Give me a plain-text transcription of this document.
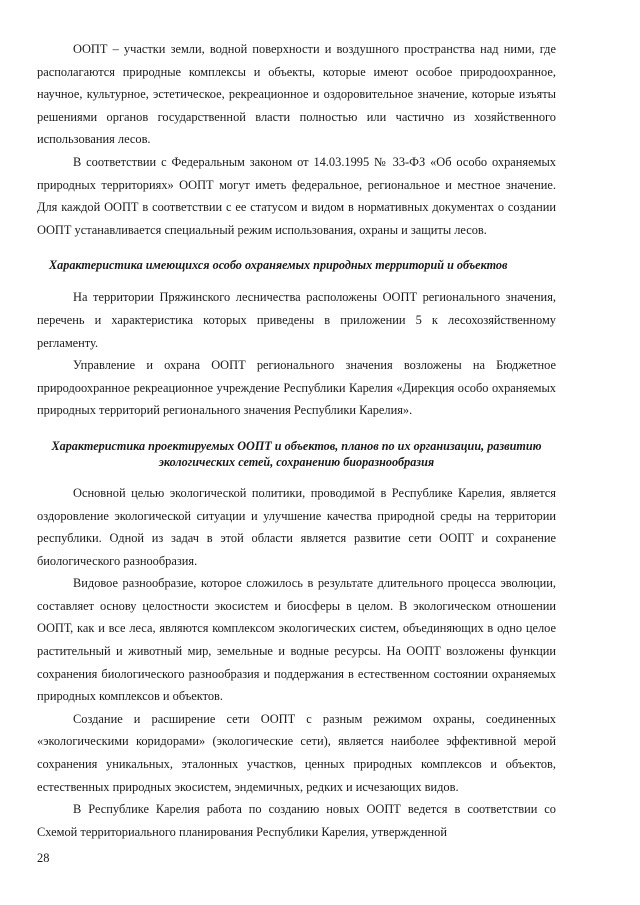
ООПТ – участки земли, водной поверхности и воздушного пространства над ними, где располагаются природные комплексы и объекты, которые имеют особое природоохранное, научное, культурное, эстетическое, рекреационное и оздоровительное значение, которые изъяты решениями органов государственной власти полностью или частично из хозяйственного использования лесов.

В соответствии с Федеральным законом от 14.03.1995 № 33-ФЗ «Об особо охраняемых природных территориях» ООПТ могут иметь федеральное, региональное и местное значение. Для каждой ООПТ в соответствии с ее статусом и видом в нормативных документах о создании ООПТ устанавливается специальный режим использования, охраны и защиты лесов.

Характеристика имеющихся особо охраняемых природных территорий и объектов

На территории Пряжинского лесничества расположены ООПТ регионального значения, перечень и характеристика которых приведены в приложении 5 к лесохозяйственному регламенту.

Управление и охрана ООПТ регионального значения возложены на Бюджетное природоохранное рекреационное учреждение Республики Карелия «Дирекция особо охраняемых природных территорий регионального значения Республики Карелия».

Характеристика проектируемых ООПТ и объектов, планов по их организации, развитию экологических сетей, сохранению биоразнообразия

Основной целью экологической политики, проводимой в Республике Карелия, является оздоровление экологической ситуации и улучшение качества природной среды на территории республики. Одной из задач в этой области является развитие сети ООПТ и сохранение биологического разнообразия.

Видовое разнообразие, которое сложилось в результате длительного процесса эволюции, составляет основу целостности экосистем и биосферы в целом. В экологическом отношении ООПТ, как и все леса, являются комплексом экологических систем, объединяющих в одно целое растительный и животный мир, земельные и водные ресурсы. На ООПТ возложены функции сохранения биологического разнообразия и поддержания в естественном состоянии охраняемых природных комплексов и объектов.

Создание и расширение сети ООПТ с разным режимом охраны, соединенных «экологическими коридорами» (экологические сети), является наиболее эффективной мерой сохранения уникальных, эталонных участков, ценных природных комплексов и объектов, естественных природных экосистем, эндемичных, редких и исчезающих видов.

В Республике Карелия работа по созданию новых ООПТ ведется в соответствии со Схемой территориального планирования Республики Карелия, утвержденной

28
